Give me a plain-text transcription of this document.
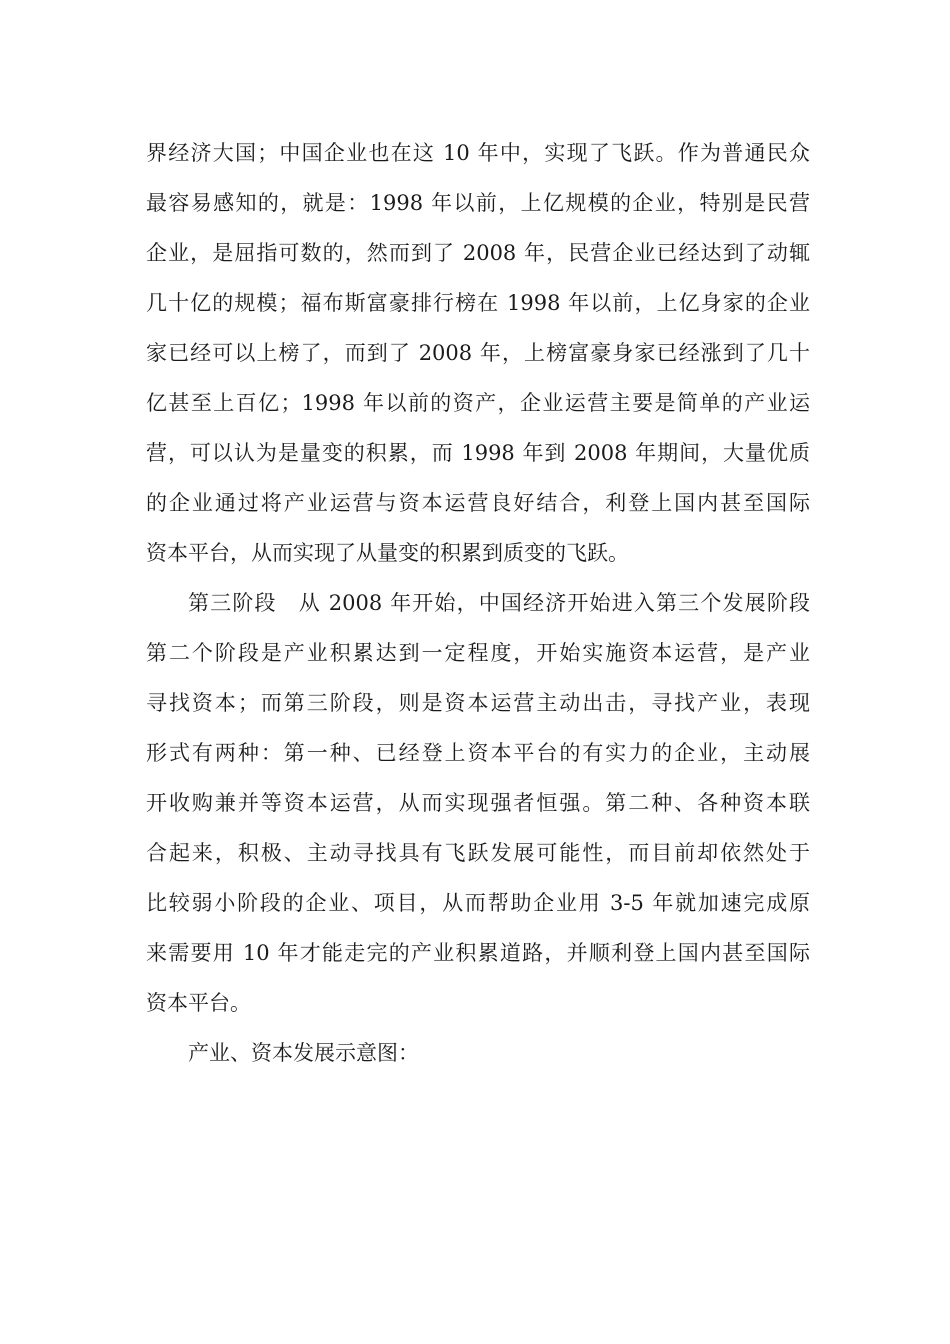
界经济大国；中国企业也在这 10 年中，实现了飞跃。作为普通民众
最容易感知的，就是：1998 年以前，上亿规模的企业，特别是民营
企业，是屈指可数的，然而到了 2008 年，民营企业已经达到了动辄
几十亿的规模；福布斯富豪排行榜在 1998 年以前，上亿身家的企业
家已经可以上榜了，而到了 2008 年，上榜富豪身家已经涨到了几十
亿甚至上百亿；1998 年以前的资产，企业运营主要是简单的产业运
营，可以认为是量变的积累，而 1998 年到 2008 年期间，大量优质
的企业通过将产业运营与资本运营良好结合，利登上国内甚至国际
资本平台，从而实现了从量变的积累到质变的飞跃。
第三阶段　从 2008 年开始，中国经济开始进入第三个发展阶段
第二个阶段是产业积累达到一定程度，开始实施资本运营，是产业
寻找资本；而第三阶段，则是资本运营主动出击，寻找产业，表现
形式有两种：第一种、已经登上资本平台的有实力的企业，主动展
开收购兼并等资本运营，从而实现强者恒强。第二种、各种资本联
合起来，积极、主动寻找具有飞跃发展可能性，而目前却依然处于
比较弱小阶段的企业、项目，从而帮助企业用 3-5 年就加速完成原
来需要用 10 年才能走完的产业积累道路，并顺利登上国内甚至国际
资本平台。
产业、资本发展示意图：
